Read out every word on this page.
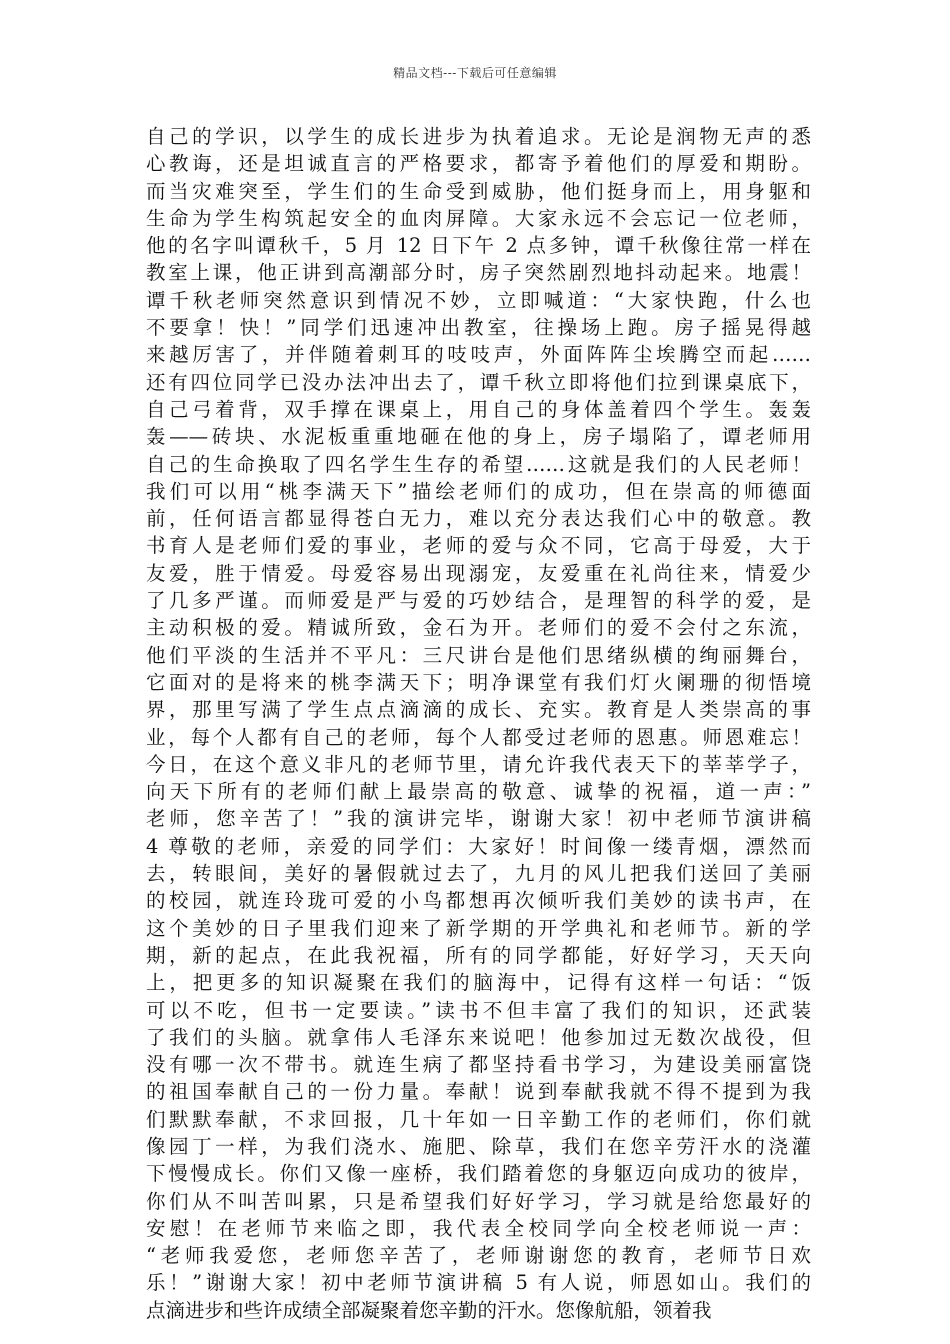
精品文档---下载后可任意编辑
自己的学识，以学生的成长进步为执着追求。无论是润物无声的悉
心教诲，还是坦诚直言的严格要求，都寄予着他们的厚爱和期盼。
而当灾难突至，学生们的生命受到威胁，他们挺身而上，用身躯和
生命为学生构筑起安全的血肉屏障。大家永远不会忘记一位老师，
他的名字叫谭秋千，5 月 12 日下午 2 点多钟，谭千秋像往常一样在
教室上课，他正讲到高潮部分时，房子突然剧烈地抖动起来。地震！
谭千秋老师突然意识到情况不妙，立即喊道：“大家快跑，什么也
不要拿！快！”同学们迅速冲出教室，往操场上跑。房子摇晃得越
来越厉害了，并伴随着刺耳的吱吱声，外面阵阵尘埃腾空而起……
还有四位同学已没办法冲出去了，谭千秋立即将他们拉到课桌底下，
自己弓着背，双手撑在课桌上，用自己的身体盖着四个学生。轰轰
轰——砖块、水泥板重重地砸在他的身上，房子塌陷了，谭老师用
自己的生命换取了四名学生生存的希望……这就是我们的人民老师！
我们可以用“桃李满天下”描绘老师们的成功，但在崇高的师德面
前，任何语言都显得苍白无力，难以充分表达我们心中的敬意。教
书育人是老师们爱的事业，老师的爱与众不同，它高于母爱，大于
友爱，胜于情爱。母爱容易出现溺宠，友爱重在礼尚往来，情爱少
了几多严谨。而师爱是严与爱的巧妙结合，是理智的科学的爱，是
主动积极的爱。精诚所致，金石为开。老师们的爱不会付之东流，
他们平淡的生活并不平凡：三尺讲台是他们思绪纵横的绚丽舞台，
它面对的是将来的桃李满天下；明净课堂有我们灯火阑珊的彻悟境
界，那里写满了学生点点滴滴的成长、充实。教育是人类崇高的事
业，每个人都有自己的老师，每个人都受过老师的恩惠。师恩难忘！
今日，在这个意义非凡的老师节里，请允许我代表天下的莘莘学子，
向天下所有的老师们献上最崇高的敬意、诚挚的祝福，道一声：”
老师，您辛苦了！”我的演讲完毕，谢谢大家！初中老师节演讲稿
4 尊敬的老师，亲爱的同学们：大家好！时间像一缕青烟，漂然而
去，转眼间，美好的暑假就过去了，九月的风儿把我们送回了美丽
的校园，就连玲珑可爱的小鸟都想再次倾听我们美妙的读书声，在
这个美妙的日子里我们迎来了新学期的开学典礼和老师节。新的学
期，新的起点，在此我祝福，所有的同学都能，好好学习，天天向
上，把更多的知识凝聚在我们的脑海中，记得有这样一句话：“饭
可以不吃，但书一定要读。”读书不但丰富了我们的知识，还武装
了我们的头脑。就拿伟人毛泽东来说吧！他参加过无数次战役，但
没有哪一次不带书。就连生病了都坚持看书学习，为建设美丽富饶
的祖国奉献自己的一份力量。奉献！说到奉献我就不得不提到为我
们默默奉献，不求回报，几十年如一日辛勤工作的老师们，你们就
像园丁一样，为我们浇水、施肥、除草，我们在您辛劳汗水的浇灌
下慢慢成长。你们又像一座桥，我们踏着您的身躯迈向成功的彼岸，
你们从不叫苦叫累，只是希望我们好好学习，学习就是给您最好的
安慰！在老师节来临之即，我代表全校同学向全校老师说一声：
“老师我爱您，老师您辛苦了，老师谢谢您的教育，老师节日欢
乐！”谢谢大家！初中老师节演讲稿 5 有人说，师恩如山。我们的
点滴进步和些许成绩全部凝聚着您辛勤的汗水。您像航船，领着我
